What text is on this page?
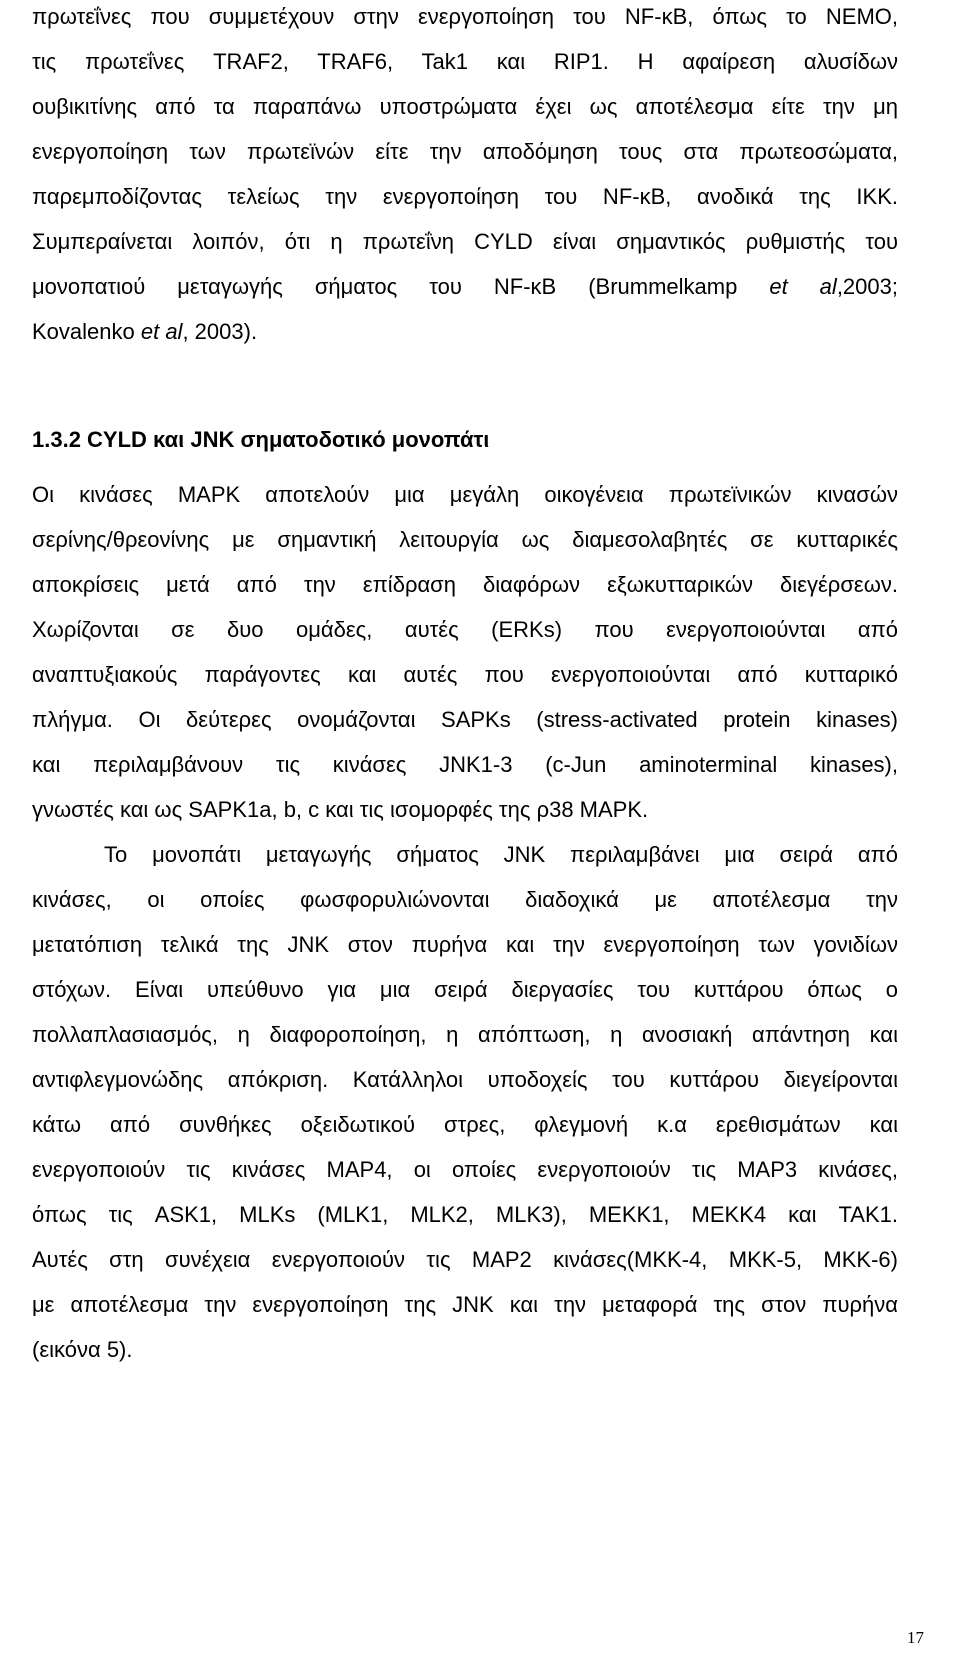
πρωτεΐνες που συμμετέχουν στην ενεργοποίηση του NF-κB, όπως το NEMO,
τις πρωτεΐνες TRAF2, TRAF6, Tak1 και RIP1. Η αφαίρεση αλυσίδων
ουβικιτίνης από τα παραπάνω υποστρώματα έχει ως αποτέλεσμα είτε την μη
ενεργοποίηση των πρωτεϊνών είτε την αποδόμηση τους στα πρωτεοσώματα,
παρεμποδίζοντας τελείως την ενεργοποίηση του NF-κB, ανοδικά της IKK.
Συμπεραίνεται λοιπόν, ότι η πρωτεΐνη CYLD είναι σημαντικός ρυθμιστής του
μονοπατιού μεταγωγής σήματος του NF-κB (Brummelkamp et al,2003;
Kovalenko et al, 2003).
1.3.2 CYLD και JNK σηματοδοτικό μονοπάτι
Οι κινάσες MAPK αποτελούν μια μεγάλη οικογένεια πρωτεϊνικών κινασών
σερίνης/θρεονίνης με σημαντική λειτουργία ως διαμεσολαβητές σε κυτταρικές
αποκρίσεις μετά από την επίδραση διαφόρων εξωκυτταρικών διεγέρσεων.
Χωρίζονται σε δυο ομάδες, αυτές (ERKs) που ενεργοποιούνται από
αναπτυξιακούς παράγοντες και αυτές που ενεργοποιούνται από κυτταρικό
πλήγμα. Οι δεύτερες ονομάζονται SAPKs (stress-activated protein kinases)
και περιλαμβάνουν τις κινάσες JNK1-3 (c-Jun aminoterminal kinases),
γνωστές και ως SAPK1a, b, c και τις ισομορφές της ρ38 MAPK.
Το μονοπάτι μεταγωγής σήματος JNK περιλαμβάνει μια σειρά από
κινάσες, οι οποίες φωσφορυλιώνονται διαδοχικά με αποτέλεσμα την
μετατόπιση τελικά της JNK στον πυρήνα και την ενεργοποίηση των γονιδίων
στόχων. Είναι υπεύθυνο για μια σειρά διεργασίες του κυττάρου όπως ο
πολλαπλασιασμός, η διαφοροποίηση, η απόπτωση, η ανοσιακή απάντηση και
αντιφλεγμονώδης απόκριση. Κατάλληλοι υποδοχείς του κυττάρου διεγείρονται
κάτω από συνθήκες οξειδωτικού στρες, φλεγμονή κ.α ερεθισμάτων και
ενεργοποιούν τις κινάσες MAP4, οι οποίες ενεργοποιούν τις MAP3 κινάσες,
όπως τις ASK1, MLKs (MLK1, MLK2, MLK3), MEKK1, MEKK4 και TAK1.
Αυτές στη συνέχεια ενεργοποιούν τις MAP2 κινάσες(MKK-4, MKK-5, MKK-6)
με αποτέλεσμα την ενεργοποίηση της JNK και την μεταφορά της στον πυρήνα
(εικόνα 5).
17
